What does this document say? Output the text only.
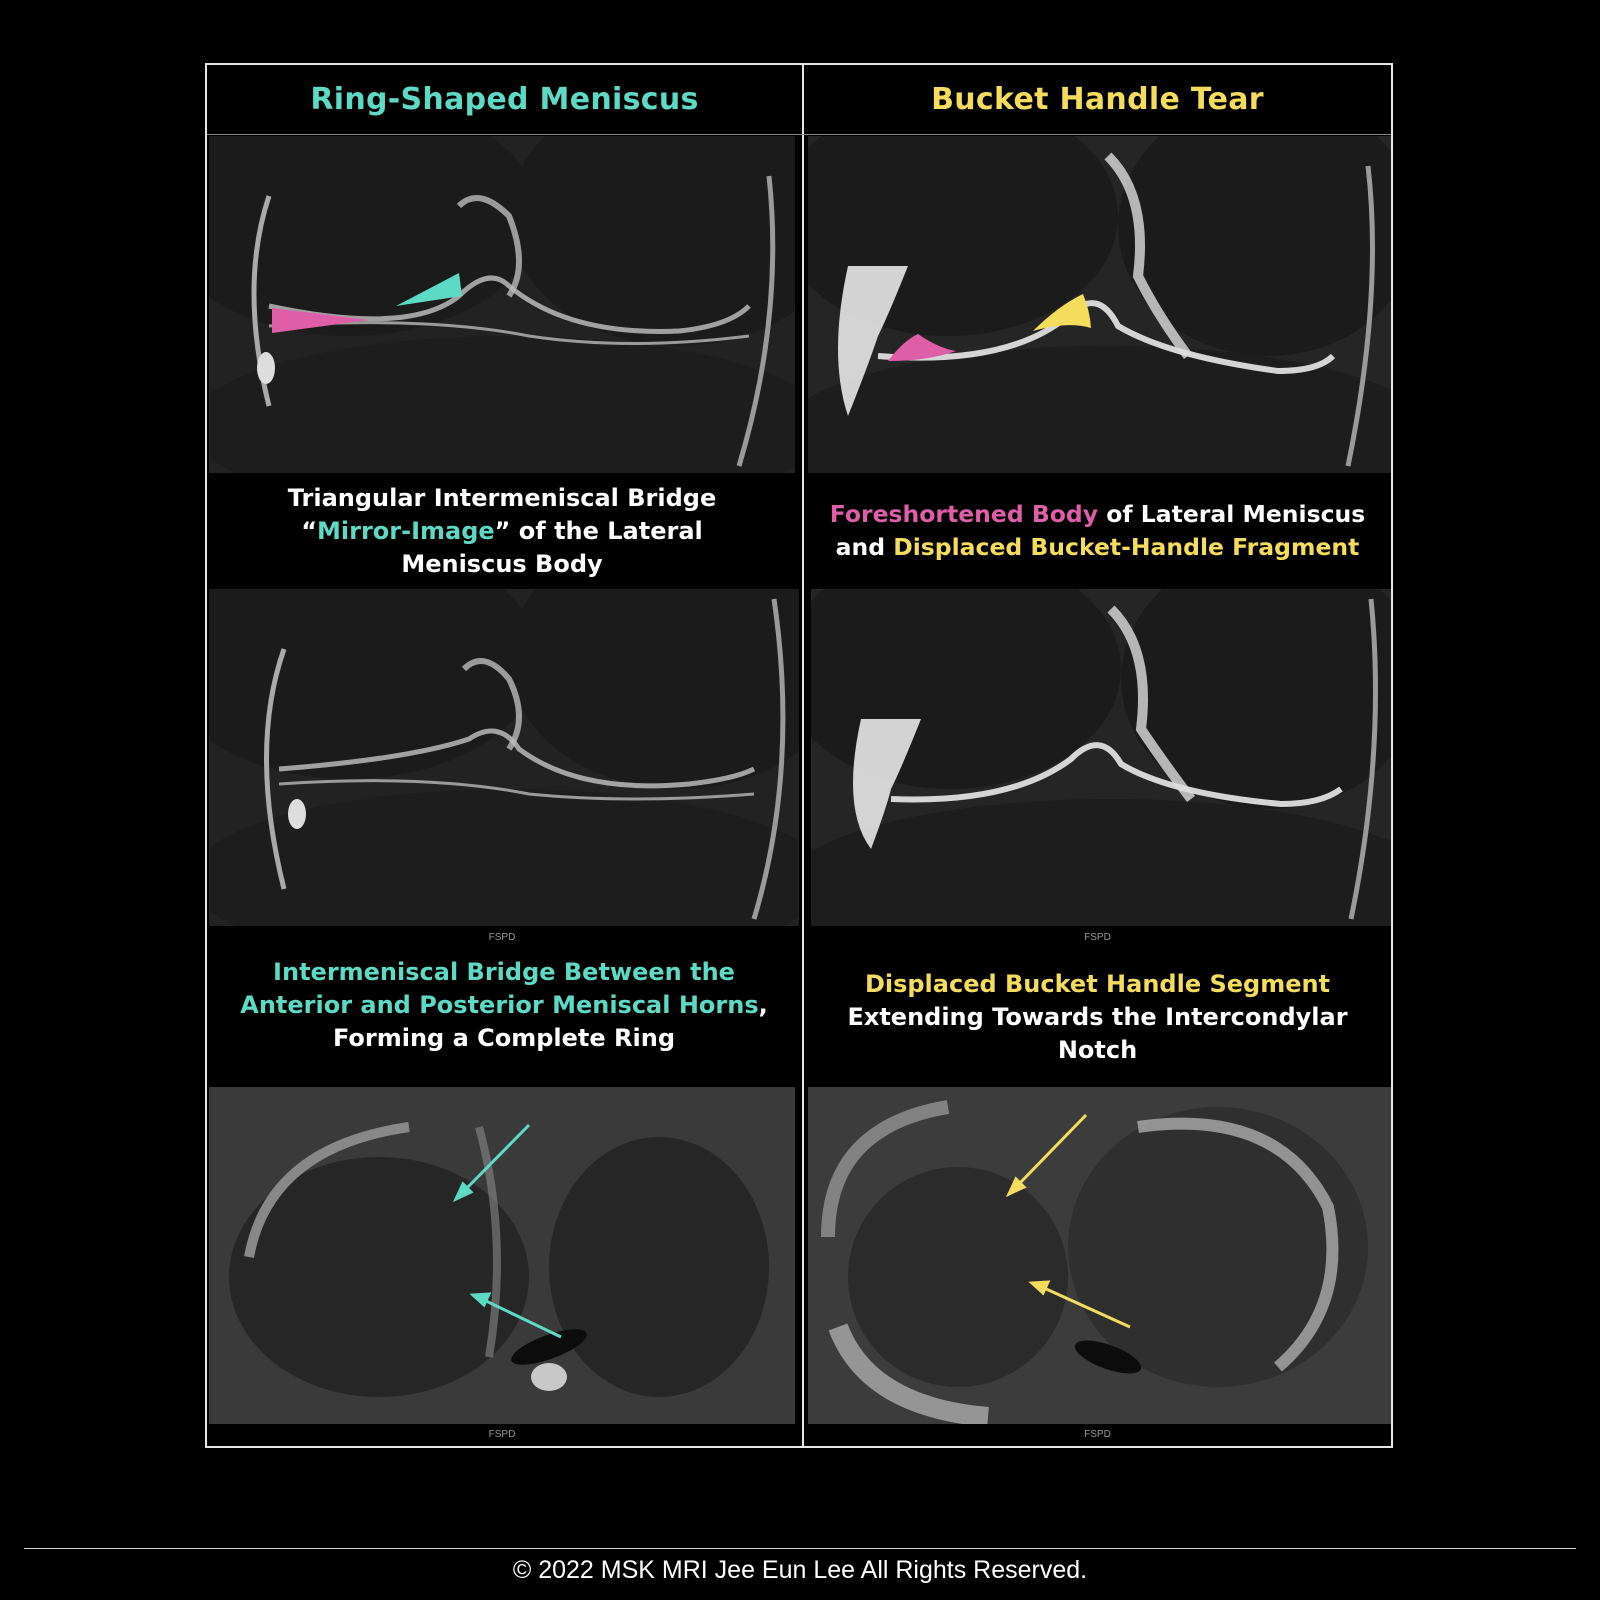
Ring-Shaped Meniscus	Bucket Handle Tear
Triangular Intermeniscal Bridge
“Mirror-Image” of the Lateral
Meniscus Body
FSPD
Intermeniscal Bridge Between the
Anterior and Posterior Meniscal Horns,
Forming a Complete Ring
FSPD
Foreshortened Body of Lateral Meniscus
and Displaced Bucket-Handle Fragment
FSPD
Displaced Bucket Handle Segment
Extending Towards the Intercondylar
Notch
FSPD
© 2022 MSK MRI Jee Eun Lee All Rights Reserved.
